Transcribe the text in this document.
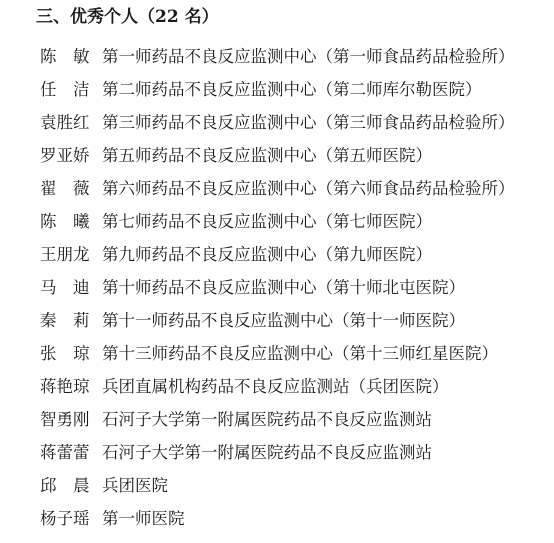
三、优秀个人（22 名）
陈　敏 第一师药品不良反应监测中心（第一师食品药品检验所）
任　洁 第二师药品不良反应监测中心（第二师库尔勒医院）
袁胜红 第三师药品不良反应监测中心（第三师食品药品检验所）
罗亚娇 第五师药品不良反应监测中心（第五师医院）
翟　薇 第六师药品不良反应监测中心（第六师食品药品检验所）
陈　曦 第七师药品不良反应监测中心（第七师医院）
王朋龙 第九师药品不良反应监测中心（第九师医院）
马　迪 第十师药品不良反应监测中心（第十师北屯医院）
秦　莉 第十一师药品不良反应监测中心（第十一师医院）
张　琼 第十三师药品不良反应监测中心（第十三师红星医院）
蒋艳琼 兵团直属机构药品不良反应监测站（兵团医院）
智勇刚 石河子大学第一附属医院药品不良反应监测站
蒋蕾蕾 石河子大学第一附属医院药品不良反应监测站
邱　晨 兵团医院
杨子瑶 第一师医院
